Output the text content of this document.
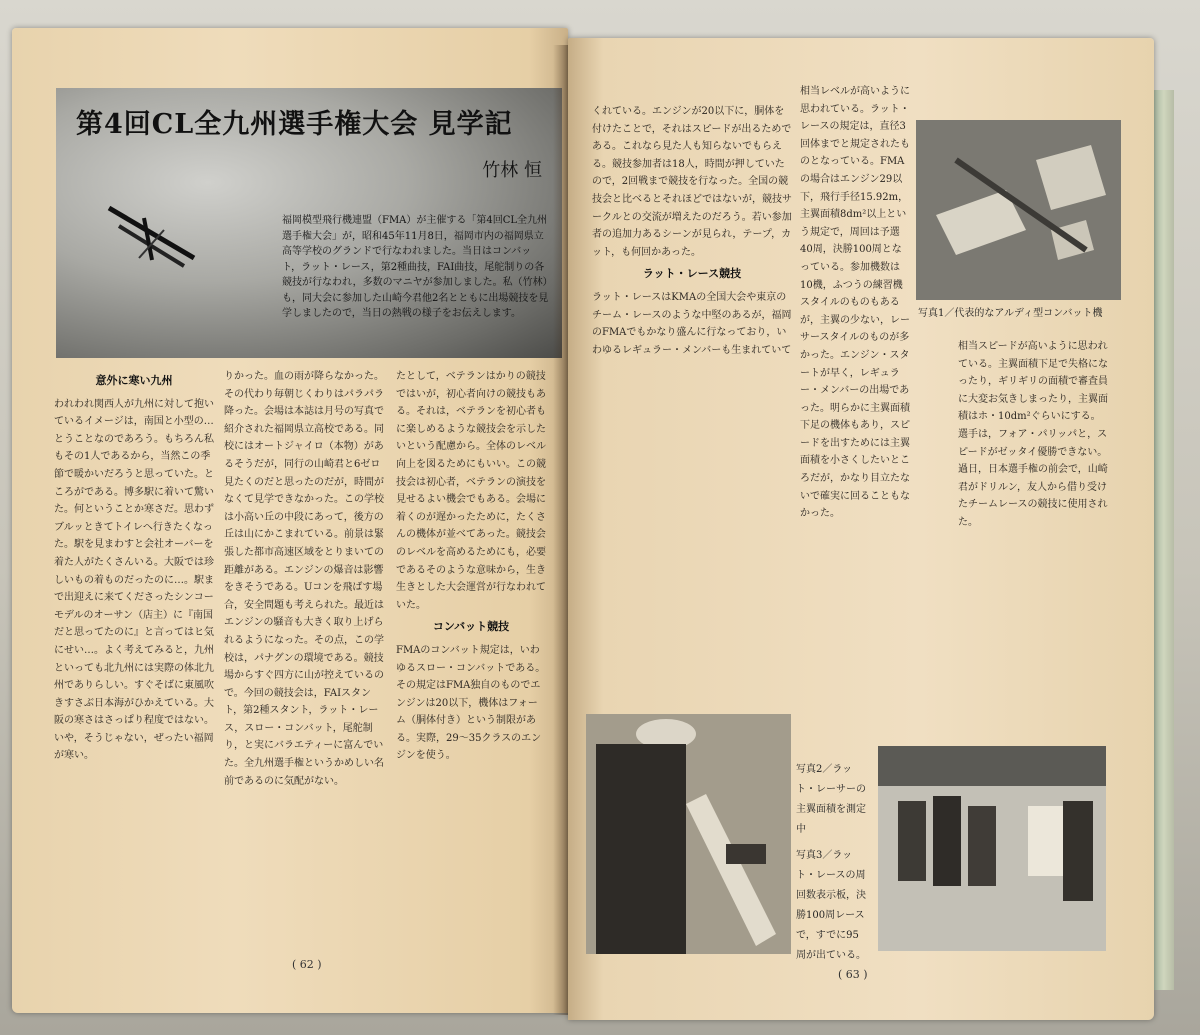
第4回CL全九州選手権大会 見学記
竹林 恒
福岡模型飛行機連盟（FMA）が主催する「第4回CL全九州選手権大会」が，昭和45年11月8日，福岡市内の福岡県立高等学校のグランドで行なわれました。当日はコンバット，ラット・レース，第2種曲技，FAI曲技，尾舵制りの各競技が行なわれ，多数のマニヤが参加しました。私（竹林）も，同大会に参加した山崎今君他2名とともに出場競技を見学しましたので，当日の熱戦の様子をお伝えします。
意外に寒い九州
われわれ関西人が九州に対して抱いているイメージは，南国と小型の…とうことなのであろう。もちろん私もその1人であるから，当然この季節で暖かいだろうと思っていた。ところがである。博多駅に着いて驚いた。何ということか寒さだ。思わずブルッときてトイレへ行きたくなった。駅を見まわすと会社オーバーを着た人がたくさんいる。大阪では珍しいもの着ものだったのに…。駅まで出迎えに来てくださったシンコーモデルのオーサン（店主）に『南国だと思ってたのに』と言ってはヒ気にせい…。よく考えてみると，九州といっても北九州には実際の体北九州でありらしい。すぐそばに東風吹きすさぶ日本海がひかえている。大阪の寒さはさっぱり程度ではない。いや，そうじゃない，ぜったい福岡が寒い。
りかった。血の雨が降らなかった。その代わり毎朝じくわりはパラパラ降った。会場は本誌は月号の写真で紹介された福岡県立高校である。同校にはオートジャイロ（本物）があるそうだが，同行の山崎君と6ゼロ見たくのだと思ったのだが，時間がなくて見学できなかった。この学校は小高い丘の中段にあって，後方の丘は山にかこまれている。前景は緊張した都市高速区域をとりまいての距離がある。エンジンの爆音は影響をきそうである。Uコンを飛ばす場合，安全問題も考えられた。最近はエンジンの騒音も大きく取り上げられるようになった。その点，この学校は，パナグンの環境である。競技場からすぐ四方に山が控えているので。今回の競技会は，FAIスタント，第2種スタント，ラット・レース，スロー・コンバット，尾舵制り，と実にバラエティーに富んでいた。全九州選手権というかめしい名前であるのに気配がない。
たとして，ベテランはかりの競技ではいが，初心者向けの競技もある。それは，ベテランを初心者もに楽しめるような競技会を示したいという配慮から。全体のレベル向上を図るためにもいい。この競技会は初心者，ベテランの演技を見せるよい機会でもある。会場に着くのが遅かったために，たくさんの機体が並べてあった。競技会のレベルを高めるためにも，必要であるそのような意味から，生き生きとした大会運営が行なわれていた。
コンバット競技
FMAのコンバット規定は，いわゆるスロー・コンバットである。その規定はFMA独自のものでエンジンは20以下，機体はフォーム（胴体付き）という制限がある。実際，29〜35クラスのエンジンを使う。
( 62 )
くれている。エンジンが20以下に，胴体を付けたことで，それはスピードが出るためである。これなら見た人も知らないでもらえる。競技参加者は18人，時間が押していたので，2回戦まで競技を行なった。全国の競技会と比べるとそれほどではないが，競技サークルとの交流が増えたのだろう。若い参加者の追加力あるシーンが見られ，テープ，カット，も何回かあった。
ラット・レース競技
ラット・レースはKMAの全国大会や東京のチーム・レースのような中堅のあるが，福岡のFMAでもかなり盛んに行なっており，いわゆるレギュラー・メンバーも生まれていて
相当レベルが高いように思われている。ラット・レースの規定は，直径3回体までと規定されたものとなっている。FMAの場合はエンジン29以下，飛行手径15.92m，主翼面積8dm²以上という規定で，周回は予選40周，決勝100周となっている。参加機数は10機，ふつうの練習機スタイルのものもあるが，主翼の少ない，レーサースタイルのものが多かった。エンジン・スタートが早く，レギュラー・メンバーの出場であった。明らかに主翼面積下足の機体もあり，スピードを出すためには主翼面積を小さくしたいところだが，かなり目立たないで確実に回ることもなかった。
相当スピードが高いように思われている。主翼面積下足で失格になったり，ギリギリの面積で審査員に大変お気きしまったり，主翼面積はホ・10dm²ぐらいにする。選手は，フォア・パリッパと，スピードがゼッタイ優勝できない。過日，日本選手権の前会で，山崎君がドリルン，友人から借り受けたチームレースの競技に使用された。
写真1／代表的なアルディ型コンバット機
写真2／ラット・レーサーの主翼面積を測定中
写真3／ラット・レースの周回数表示板，決勝100周レースで，すでに95周が出ている。
( 63 )
